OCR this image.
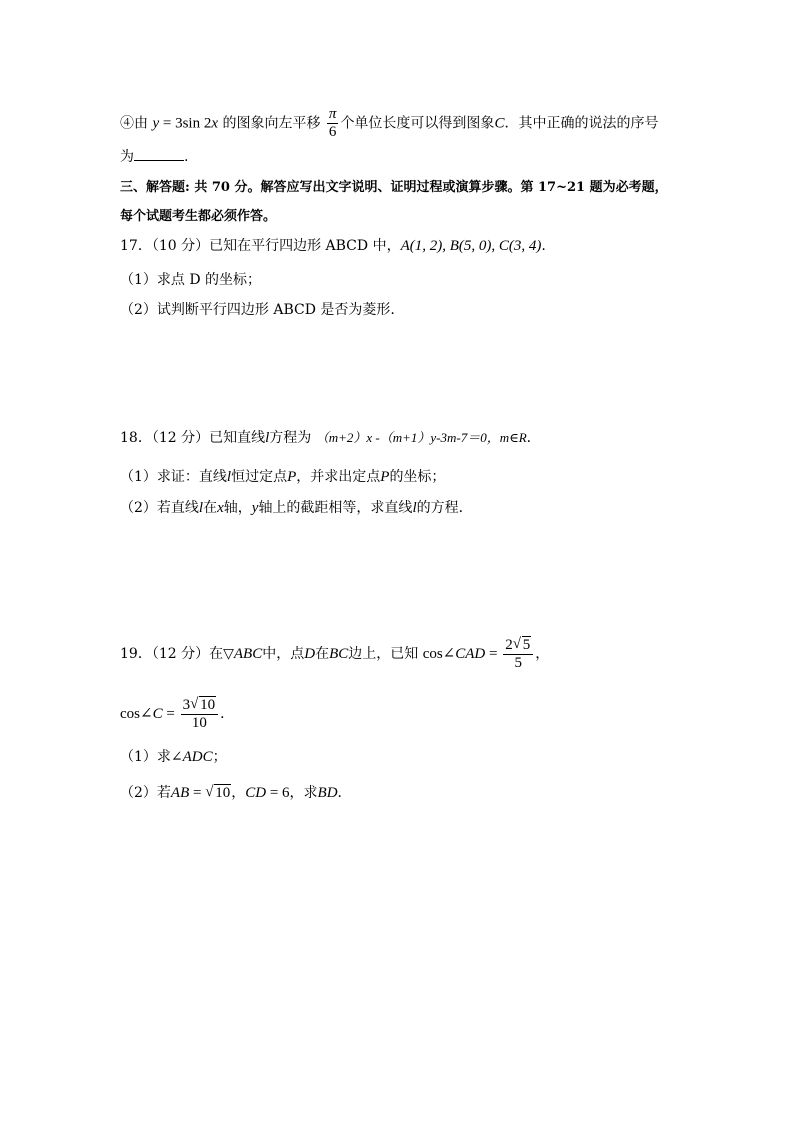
④由 y = 3sin 2x 的图象向左平移 $\frac{\pi}{6}$ 个单位长度可以得到图象C．其中正确的说法的序号
为	.
三、解答题: 共 70 分。解答应写出文字说明、证明过程或演算步骤。第 17~21 题为必考题，
每个试题考生都必须作答。
17．（10 分）已知在平行四边形 ABCD 中，A(1, 2), B(5, 0), C(3, 4).
（1）求点 D 的坐标；
（2）试判断平行四边形 ABCD 是否为菱形.
18．（12 分）已知直线l方程为 （m+2）x -（m+1）y-3m-7＝0，m∈R．
（1）求证：直线l恒过定点P，并求出定点P的坐标；
（2）若直线l在x轴，y轴上的截距相等，求直线l的方程．
19．（12 分）在▽ABC中，点D在BC边上，已知 cos∠CAD = $\frac{2 √ 5}{5}$ ，
cos∠C = $\frac{3 √ 10}{10}$ ．
（1）求∠ADC；
（2）若AB = √ 10，CD = 6，求BD．
